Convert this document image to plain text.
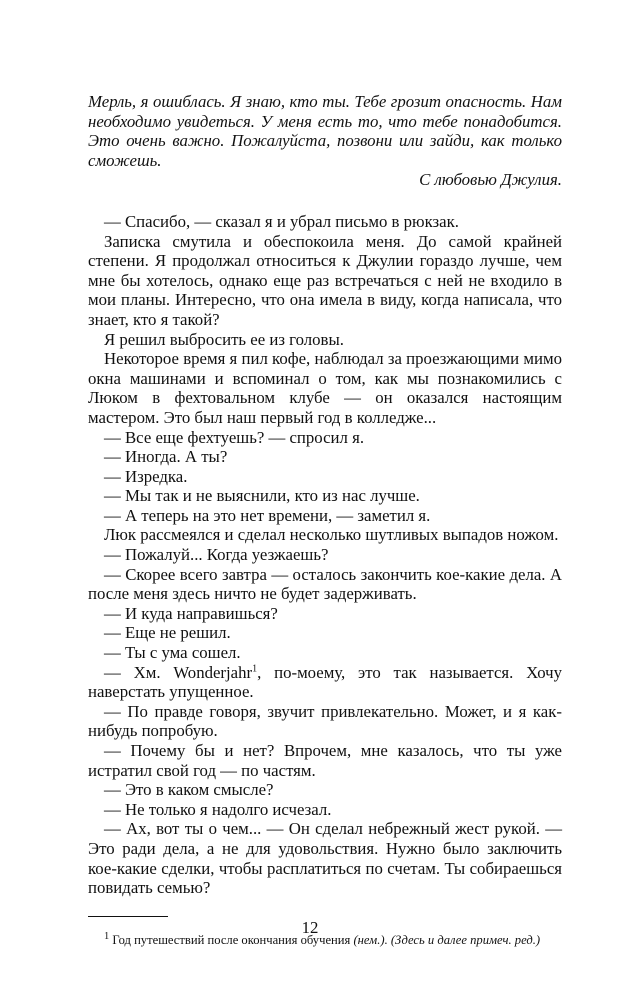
Мерль, я ошиблась. Я знаю, кто ты. Тебе грозит опасность. Нам необходимо увидеться. У меня есть то, что тебе понадобится. Это очень важно. Пожалуйста, позвони или зайди, как только сможешь.
С любовью Джулия.

— Спасибо, — сказал я и убрал письмо в рюкзак.

Записка смутила и обеспокоила меня. До самой крайней степени. Я продолжал относиться к Джулии гораздо лучше, чем мне бы хотелось, однако еще раз встречаться с ней не входило в мои планы. Интересно, что она имела в виду, когда написала, что знает, кто я такой?

Я решил выбросить ее из головы.

Некоторое время я пил кофе, наблюдал за проезжающими мимо окна машинами и вспоминал о том, как мы познакомились с Люком в фехтовальном клубе — он оказался настоящим мастером. Это был наш первый год в колледже...

— Все еще фехтуешь? — спросил я.

— Иногда. А ты?

— Изредка.

— Мы так и не выяснили, кто из нас лучше.

— А теперь на это нет времени, — заметил я.

Люк рассмеялся и сделал несколько шутливых выпадов ножом.

— Пожалуй... Когда уезжаешь?

— Скорее всего завтра — осталось закончить кое-какие дела. А после меня здесь ничто не будет задерживать.

— И куда направишься?

— Еще не решил.

— Ты с ума сошел.

— Хм. Wonderjahr$^1$, по-моему, это так называется. Хочу наверстать упущенное.

— По правде говоря, звучит привлекательно. Может, и я как-нибудь попробую.

— Почему бы и нет? Впрочем, мне казалось, что ты уже истратил свой год — по частям.

— Это в каком смысле?

— Не только я надолго исчезал.

— Ах, вот ты о чем... — Он сделал небрежный жест рукой. — Это ради дела, а не для удовольствия. Нужно было заключить кое-какие сделки, чтобы расплатиться по счетам. Ты собираешься повидать семью?

$^1$ Год путешествий после окончания обучения (нем.). (Здесь и далее примеч. ред.)
12
